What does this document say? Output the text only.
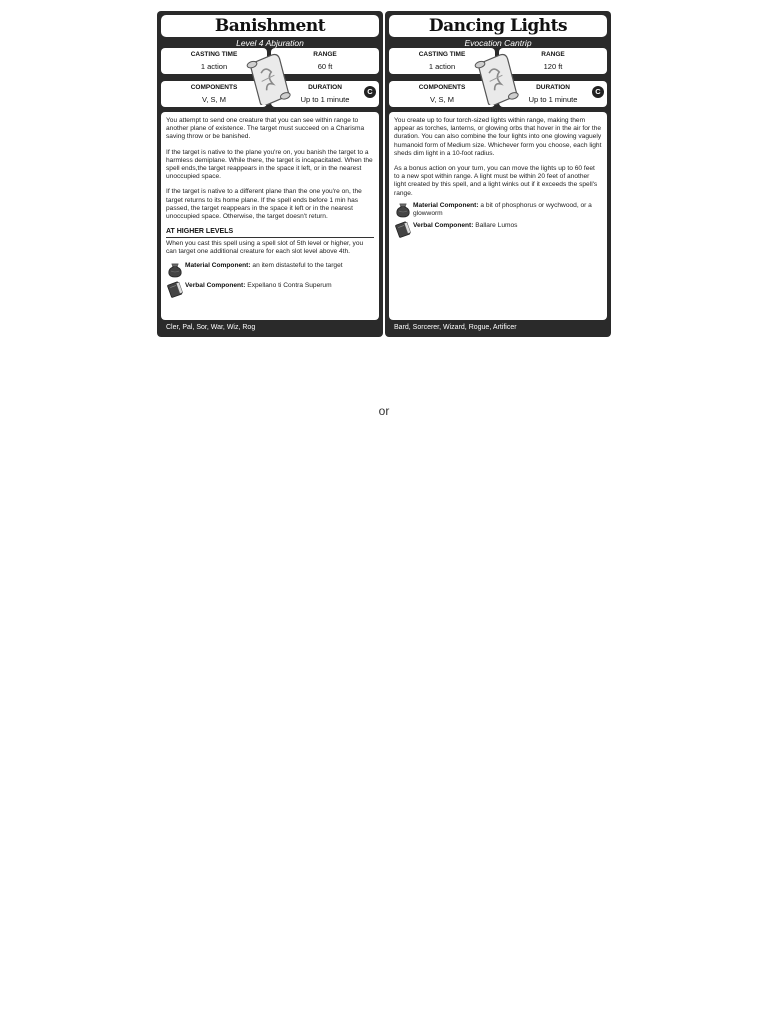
Banishment
Level 4 Abjuration
CASTING TIME
1 action
RANGE
60 ft
COMPONENTS
V, S, M
DURATION
Up to 1 minute
C

You attempt to send one creature that you can see within range to another plane of existence. The target must succeed on a Charisma saving throw or be banished.

If the target is native to the plane you're on, you banish the target to a harmless demiplane. While there, the target is incapacitated. When the spell ends,the target reappears in the space it left, or in the nearest unoccupied space.

If the target is native to a different plane than the one you're on, the target returns to its home plane. If the spell ends before 1 min has passed, the target reappears in the space it left or in the nearest unoccupied space. Otherwise, the target doesn't return.

AT HIGHER LEVELS

When you cast this spell using a spell slot of 5th level or higher, you can target one additional creature for each slot level above 4th.

Material Component: an item distasteful to the target
Verbal Component: Expellano ti Contra Superum
Cler, Pal, Sor, War, Wiz, Rog
Dancing Lights
Evocation Cantrip
CASTING TIME
1 action
RANGE
120 ft
COMPONENTS
V, S, M
DURATION
Up to 1 minute
C

You create up to four torch-sized lights within range, making them appear as torches, lanterns, or glowing orbs that hover in the air for the duration. You can also combine the four lights into one glowing vaguely humanoid form of Medium size. Whichever form you choose, each light sheds dim light in a 10-foot radius.

As a bonus action on your turn, you can move the lights up to 60 feet to a new spot within range. A light must be within 20 feet of another light created by this spell, and a light winks out if it exceeds the spell's range.

Material Component: a bit of phosphorus or wychwood, or a glowworm
Verbal Component: Ballare Lumos
Bard, Sorcerer, Wizard, Rogue, Artificer
or
